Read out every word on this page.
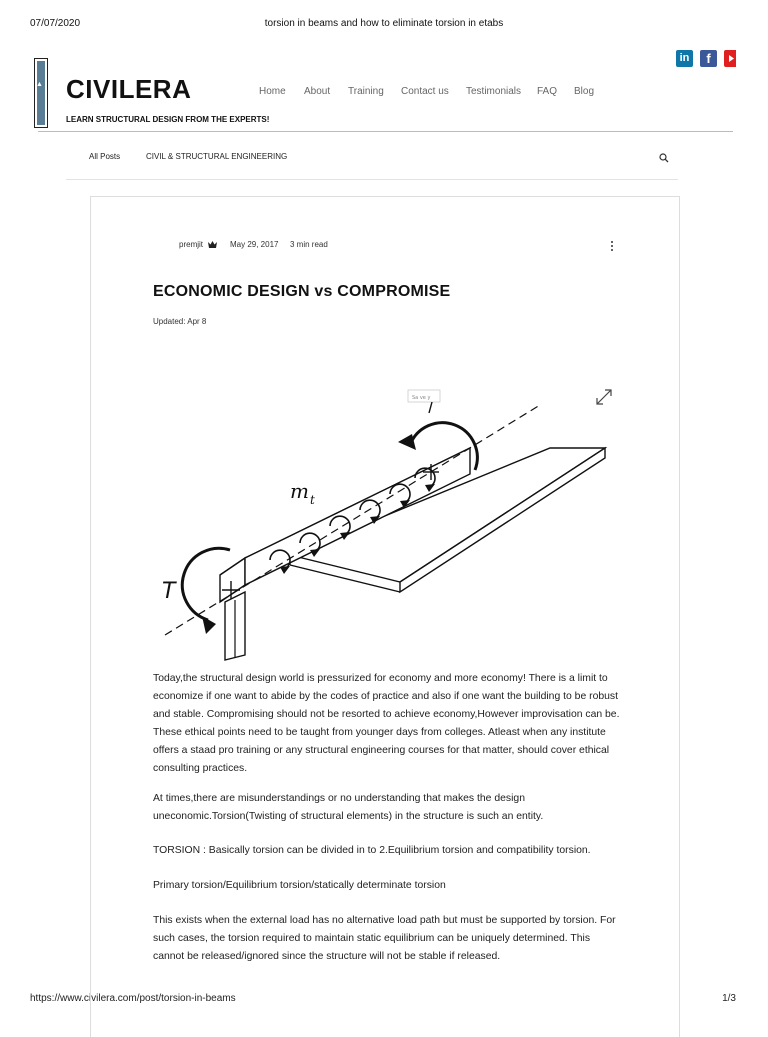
07/07/2020	torsion in beams and how to eliminate torsion in etabs
https://www.civilera.com/post/torsion-in-beams	1/3
in	f
▲ CIVILERA
LEARN STRUCTURAL DESIGN FROM THE EXPERTS!
Home About Training Contact us Testimonials FAQ Blog
All Posts	CIVIL & STRUCTURAL ENGINEERING
premjit	May 29, 2017 3 min read
ECONOMIC DESIGN vs COMPROMISE
Updated: Apr 8
m t
T
Sa ve y

Today,the structural design world is pressurized for economy and more economy! There is a limit to economize if one want to abide by the codes of practice and also if one want the building to be robust and stable. Compromising should not be resorted to achieve economy,However improvisation can be. These ethical points need to be taught from younger days from colleges. Atleast when any institute offers a staad pro training or any structural engineering courses for that matter, should cover ethical consulting practices.

At times,there are misunderstandings or no understanding that makes the design uneconomic.Torsion(Twisting of structural elements) in the structure is such an entity.

TORSION : Basically torsion can be divided in to 2.Equilibrium torsion and compatibility torsion.

Primary torsion/Equilibrium torsion/statically determinate torsion

This exists when the external load has no alternative load path but must be supported by torsion. For such cases, the torsion required to maintain static equilibrium can be uniquely determined. This cannot be released/ignored since the structure will not be stable if released.
